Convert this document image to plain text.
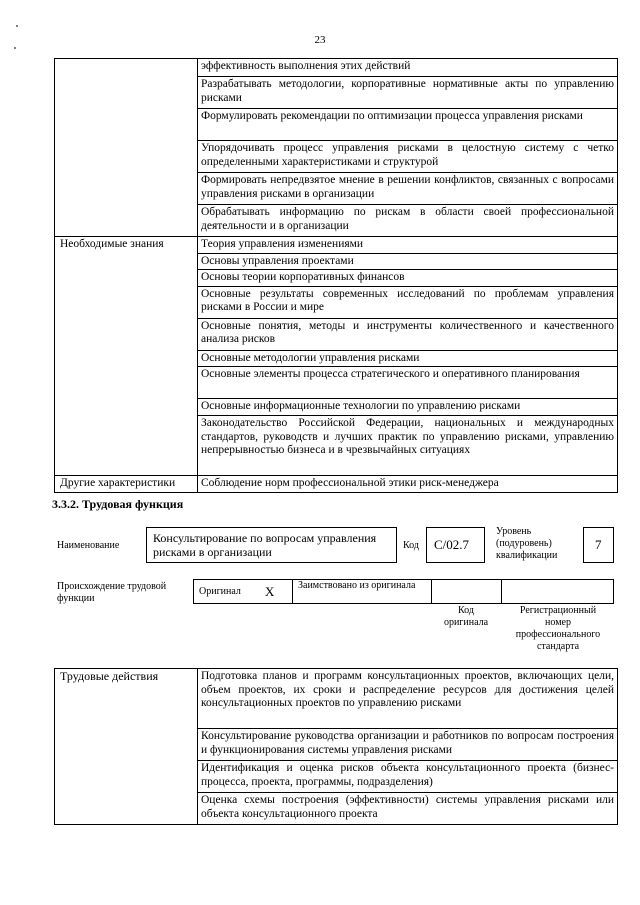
23
	эффективность выполнения этих действий
	Разрабатывать методологии, корпоративные нормативные акты по управлению рисками
	Формулировать рекомендации по оптимизации процесса управления рисками
	Упорядочивать процесс управления рисками в целостную систему с четко определенными характеристиками и структурой
	Формировать непредвзятое мнение в решении конфликтов, связанных с вопросами управления рисками в организации
	Обрабатывать информацию по рискам в области своей профессиональной деятельности и в организации
Необходимые знания	Теория управления изменениями
	Основы управления проектами
	Основы теории корпоративных финансов
	Основные результаты современных исследований по проблемам управления рисками в России и мире
	Основные понятия, методы и инструменты количественного и качественного анализа рисков
	Основные методологии управления рисками
	Основные элементы процесса стратегического и оперативного планирования
	Основные информационные технологии по управлению рисками
	Законодательство Российской Федерации, национальных и международных стандартов, руководств и лучших практик по управлению рисками, управлению непрерывностью бизнеса и в чрезвычайных ситуациях
Другие характеристики	Соблюдение норм профессиональной этики риск-менеджера
3.3.2. Трудовая функция
Наименование
Консультирование по вопросам управления рисками в организации	Код С/02.7
Уровень (подуровень) квалификации
7
Происхождение трудовой функции
Оригинал X Заимствовано из оригинала
Код оригинала
Регистрационный номер профессионального стандарта
Трудовые действия	Подготовка планов и программ консультационных проектов, включающих цели, объем проектов, их сроки и распределение ресурсов для достижения целей консультационных проектов по управлению рисками
Консультирование руководства организации и работников по вопросам построения и функционирования системы управления рисками
Идентификация и оценка рисков объекта консультационного проекта (бизнес-процесса, проекта, программы, подразделения)
Оценка схемы построения (эффективности) системы управления рисками или объекта консультационного проекта
